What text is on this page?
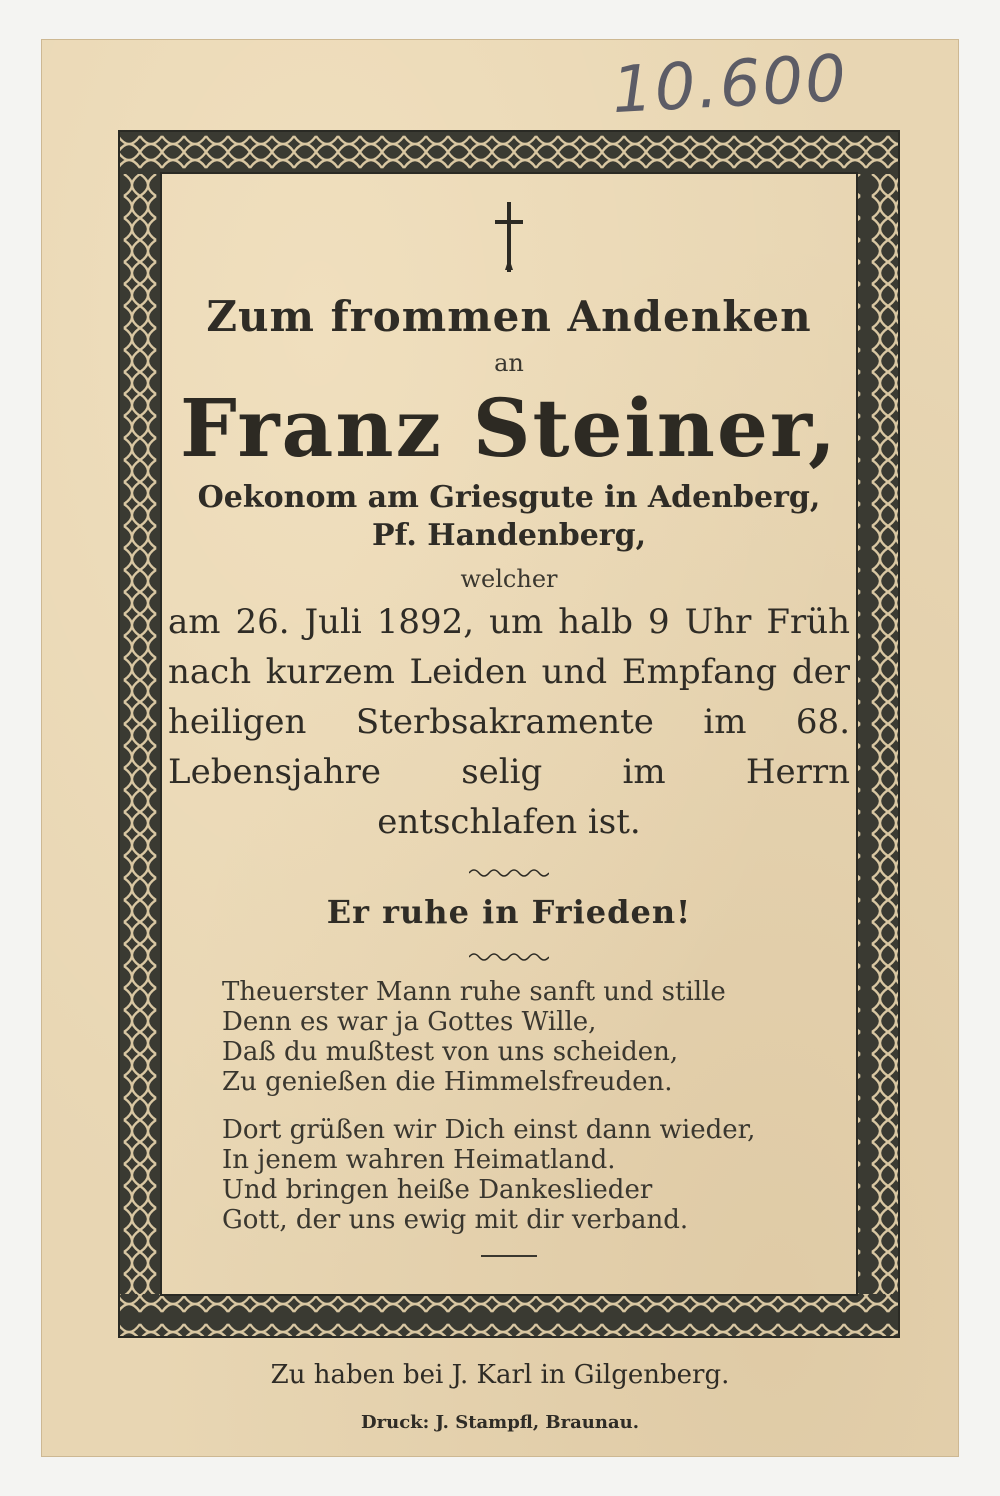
10.600
Zum frommen Andenken
an
Franz Steiner,
Oekonom am Griesgute in Adenberg,
Pf. Handenberg,
welcher

am 26. Juli 1892, um halb 9 Uhr Früh nach kurzem Leiden und Empfang der heiligen Sterbsakramente im 68. Lebensjahre selig im Herrn entschlafen ist.

Er ruhe in Frieden!
Theuerster Mann ruhe sanft und stille
Denn es war ja Gottes Wille,
Daß du mußtest von uns scheiden,
Zu genießen die Himmelsfreuden.
Dort grüßen wir Dich einst dann wieder,
In jenem wahren Heimatland.
Und bringen heiße Dankeslieder
Gott, der uns ewig mit dir verband.
Zu haben bei J. Karl in Gilgenberg.
Druck: J. Stampfl, Braunau.
